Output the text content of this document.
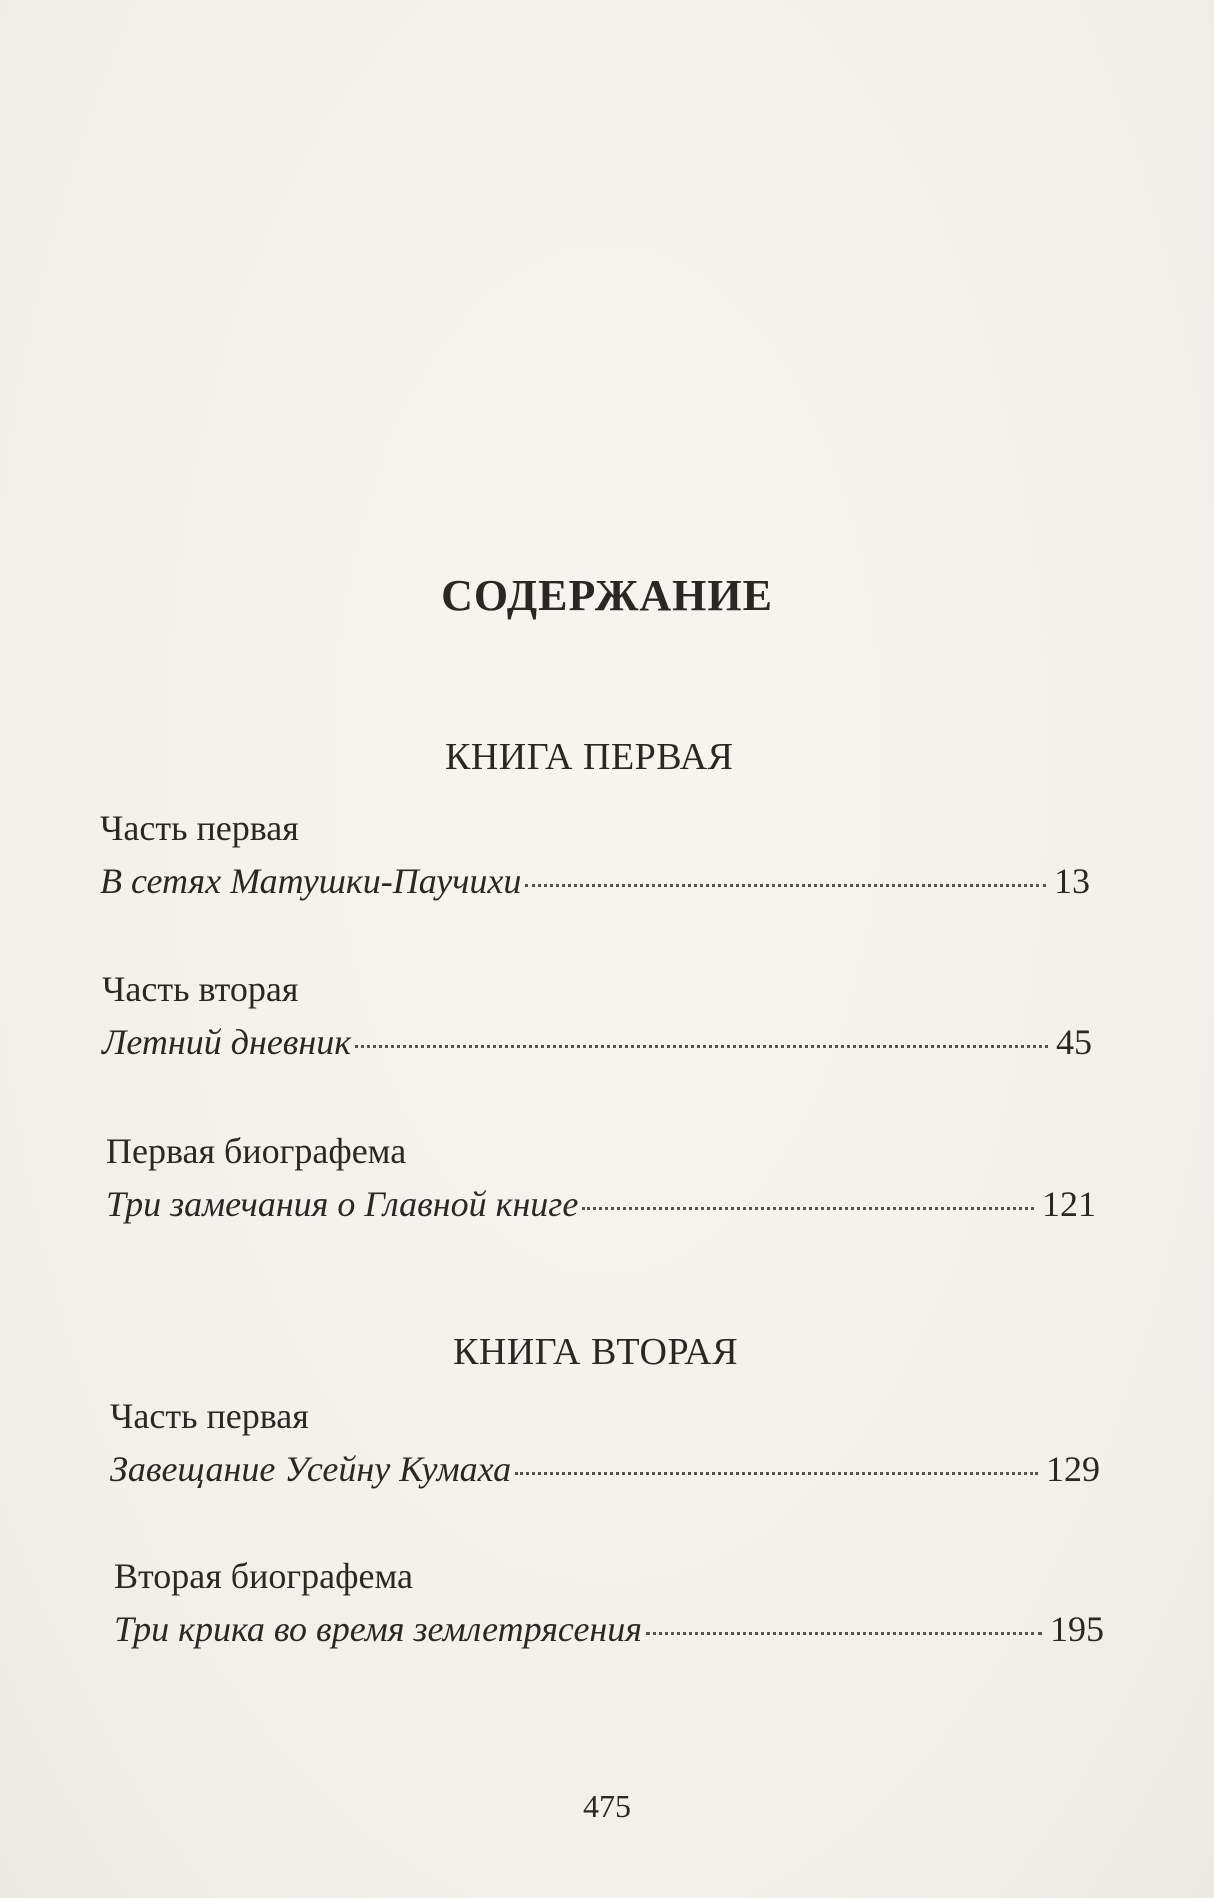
СОДЕРЖАНИЕ
КНИГА ПЕРВАЯ
Часть первая
В сетях Матушки-Паучихи	13
Часть вторая
Летний дневник	45
Первая биографема
Три замечания о Главной книге	121
КНИГА ВТОРАЯ
Часть первая
Завещание Усейну Кумаха	129
Вторая биографема
Три крика во время землетрясения	195
475
